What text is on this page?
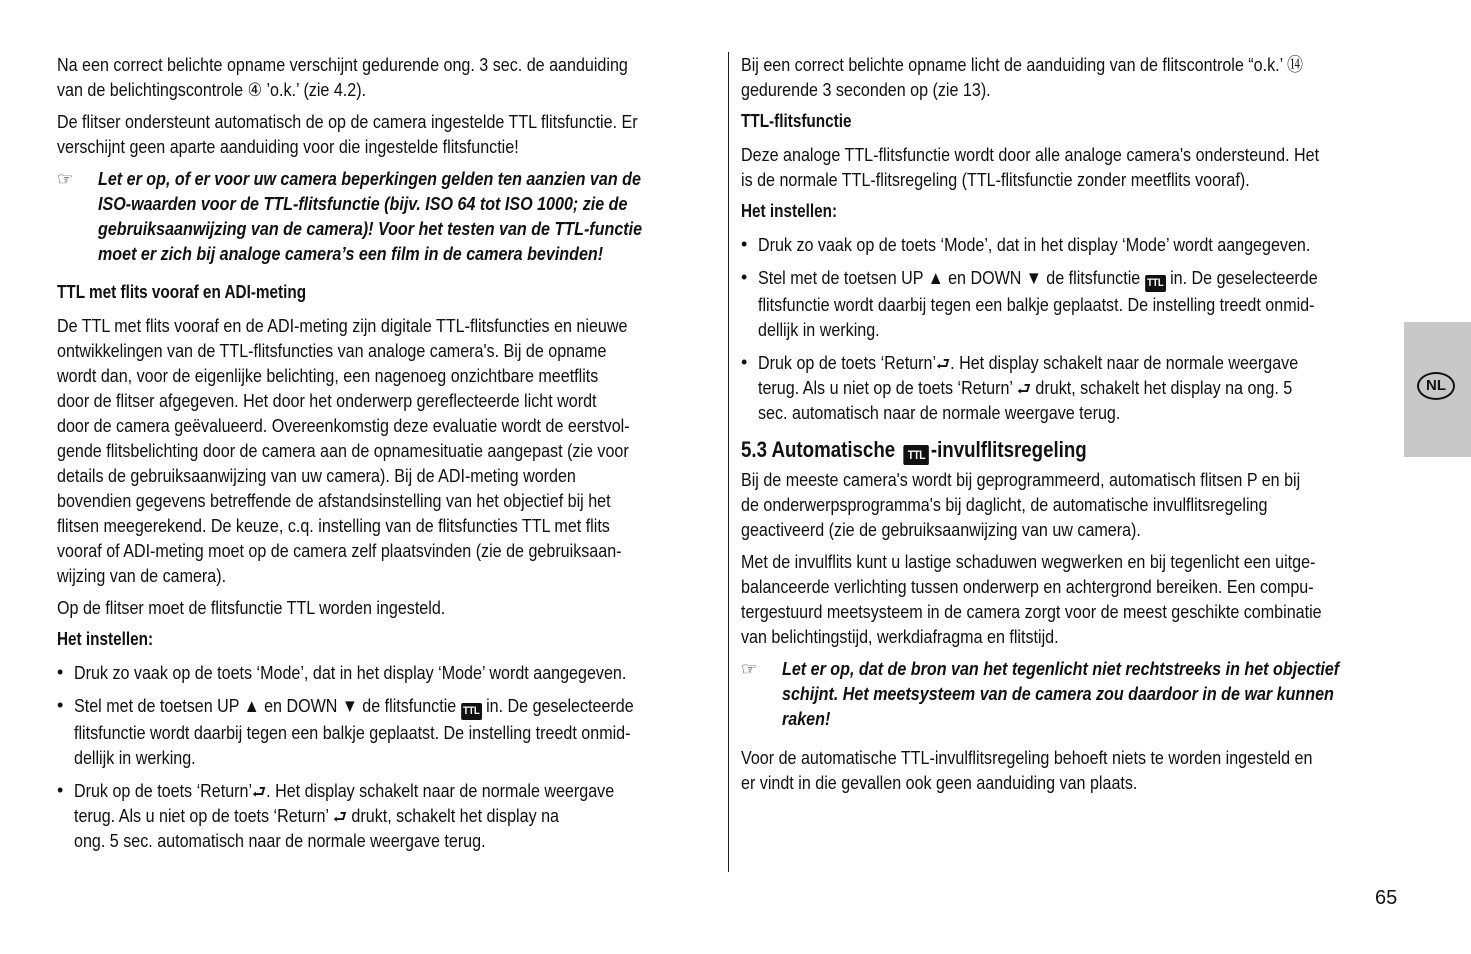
Na een correct belichte opname verschijnt gedurende ong. 3 sec. de aanduiding
van de belichtingscontrole ④ ’o.k.’ (zie 4.2).

De flitser ondersteunt automatisch de op de camera ingestelde TTL flitsfunctie. Er
verschijnt geen aparte aanduiding voor die ingestelde flitsfunctie!

☞ Let er op, of er voor uw camera beperkingen gelden ten aanzien van de
ISO-waarden voor de TTL-flitsfunctie (bijv. ISO 64 tot ISO 1000; zie de
gebruiksaanwijzing van de camera)! Voor het testen van de TTL-functie
moet er zich bij analoge camera’s een film in de camera bevinden!
TTL met flits vooraf en ADI-meting

De TTL met flits vooraf en de ADI-meting zijn digitale TTL-flitsfuncties en nieuwe
ontwikkelingen van de TTL-flitsfuncties van analoge camera's. Bij de opname
wordt dan, voor de eigenlijke belichting, een nagenoeg onzichtbare meetflits
door de flitser afgegeven. Het door het onderwerp gereflecteerde licht wordt
door de camera geëvalueerd. Overeenkomstig deze evaluatie wordt de eerstvol-
gende flitsbelichting door de camera aan de opnamesituatie aangepast (zie voor
details de gebruiksaanwijzing van uw camera). Bij de ADI-meting worden
bovendien gegevens betreffende de afstandsinstelling van het objectief bij het
flitsen meegerekend. De keuze, c.q. instelling van de flitsfuncties TTL met flits
vooraf of ADI-meting moet op de camera zelf plaatsvinden (zie de gebruiksaan-
wijzing van de camera).

Op de flitser moet de flitsfunctie TTL worden ingesteld.

Het instellen:
• Druk zo vaak op de toets ‘Mode’, dat in het display ‘Mode’ wordt aangegeven.
• Stel met de toetsen UP ▲ en DOWN ▼ de flitsfunctie TTL in. De geselecteerde
flitsfunctie wordt daarbij tegen een balkje geplaatst. De instelling treedt onmid-
dellijk in werking.
• Druk op de toets ‘Return’⮐. Het display schakelt naar de normale weergave
terug. Als u niet op de toets ‘Return’ ⮐ drukt, schakelt het display na
ong. 5 sec. automatisch naar de normale weergave terug.

Bij een correct belichte opname licht de aanduiding van de flitscontrole “o.k.’ ⑭
gedurende 3 seconden op (zie 13).

TTL-flitsfunctie

Deze analoge TTL-flitsfunctie wordt door alle analoge camera's ondersteund. Het
is de normale TTL-flitsregeling (TTL-flitsfunctie zonder meetflits vooraf).

Het instellen:
• Druk zo vaak op de toets ‘Mode’, dat in het display ‘Mode’ wordt aangegeven.
• Stel met de toetsen UP ▲ en DOWN ▼ de flitsfunctie TTL in. De geselecteerde
flitsfunctie wordt daarbij tegen een balkje geplaatst. De instelling treedt onmid-
dellijk in werking.
• Druk op de toets ‘Return’⮐. Het display schakelt naar de normale weergave
terug. Als u niet op de toets ‘Return’ ⮐ drukt, schakelt het display na ong. 5
sec. automatisch naar de normale weergave terug.
5.3 Automatische TTL -invulflitsregeling

Bij de meeste camera's wordt bij geprogrammeerd, automatisch flitsen P en bij
de onderwerpsprogramma's bij daglicht, de automatische invulflitsregeling
geactiveerd (zie de gebruiksaanwijzing van uw camera).

Met de invulflits kunt u lastige schaduwen wegwerken en bij tegenlicht een uitge-
balanceerde verlichting tussen onderwerp en achtergrond bereiken. Een compu-
tergestuurd meetsysteem in de camera zorgt voor de meest geschikte combinatie
van belichtingstijd, werkdiafragma en flitstijd.

☞ Let er op, dat de bron van het tegenlicht niet rechtstreeks in het objectief
schijnt. Het meetsysteem van de camera zou daardoor in de war kunnen
raken!

Voor de automatische TTL-invulflitsregeling behoeft niets te worden ingesteld en
er vindt in die gevallen ook geen aanduiding van plaats.

NL
65
